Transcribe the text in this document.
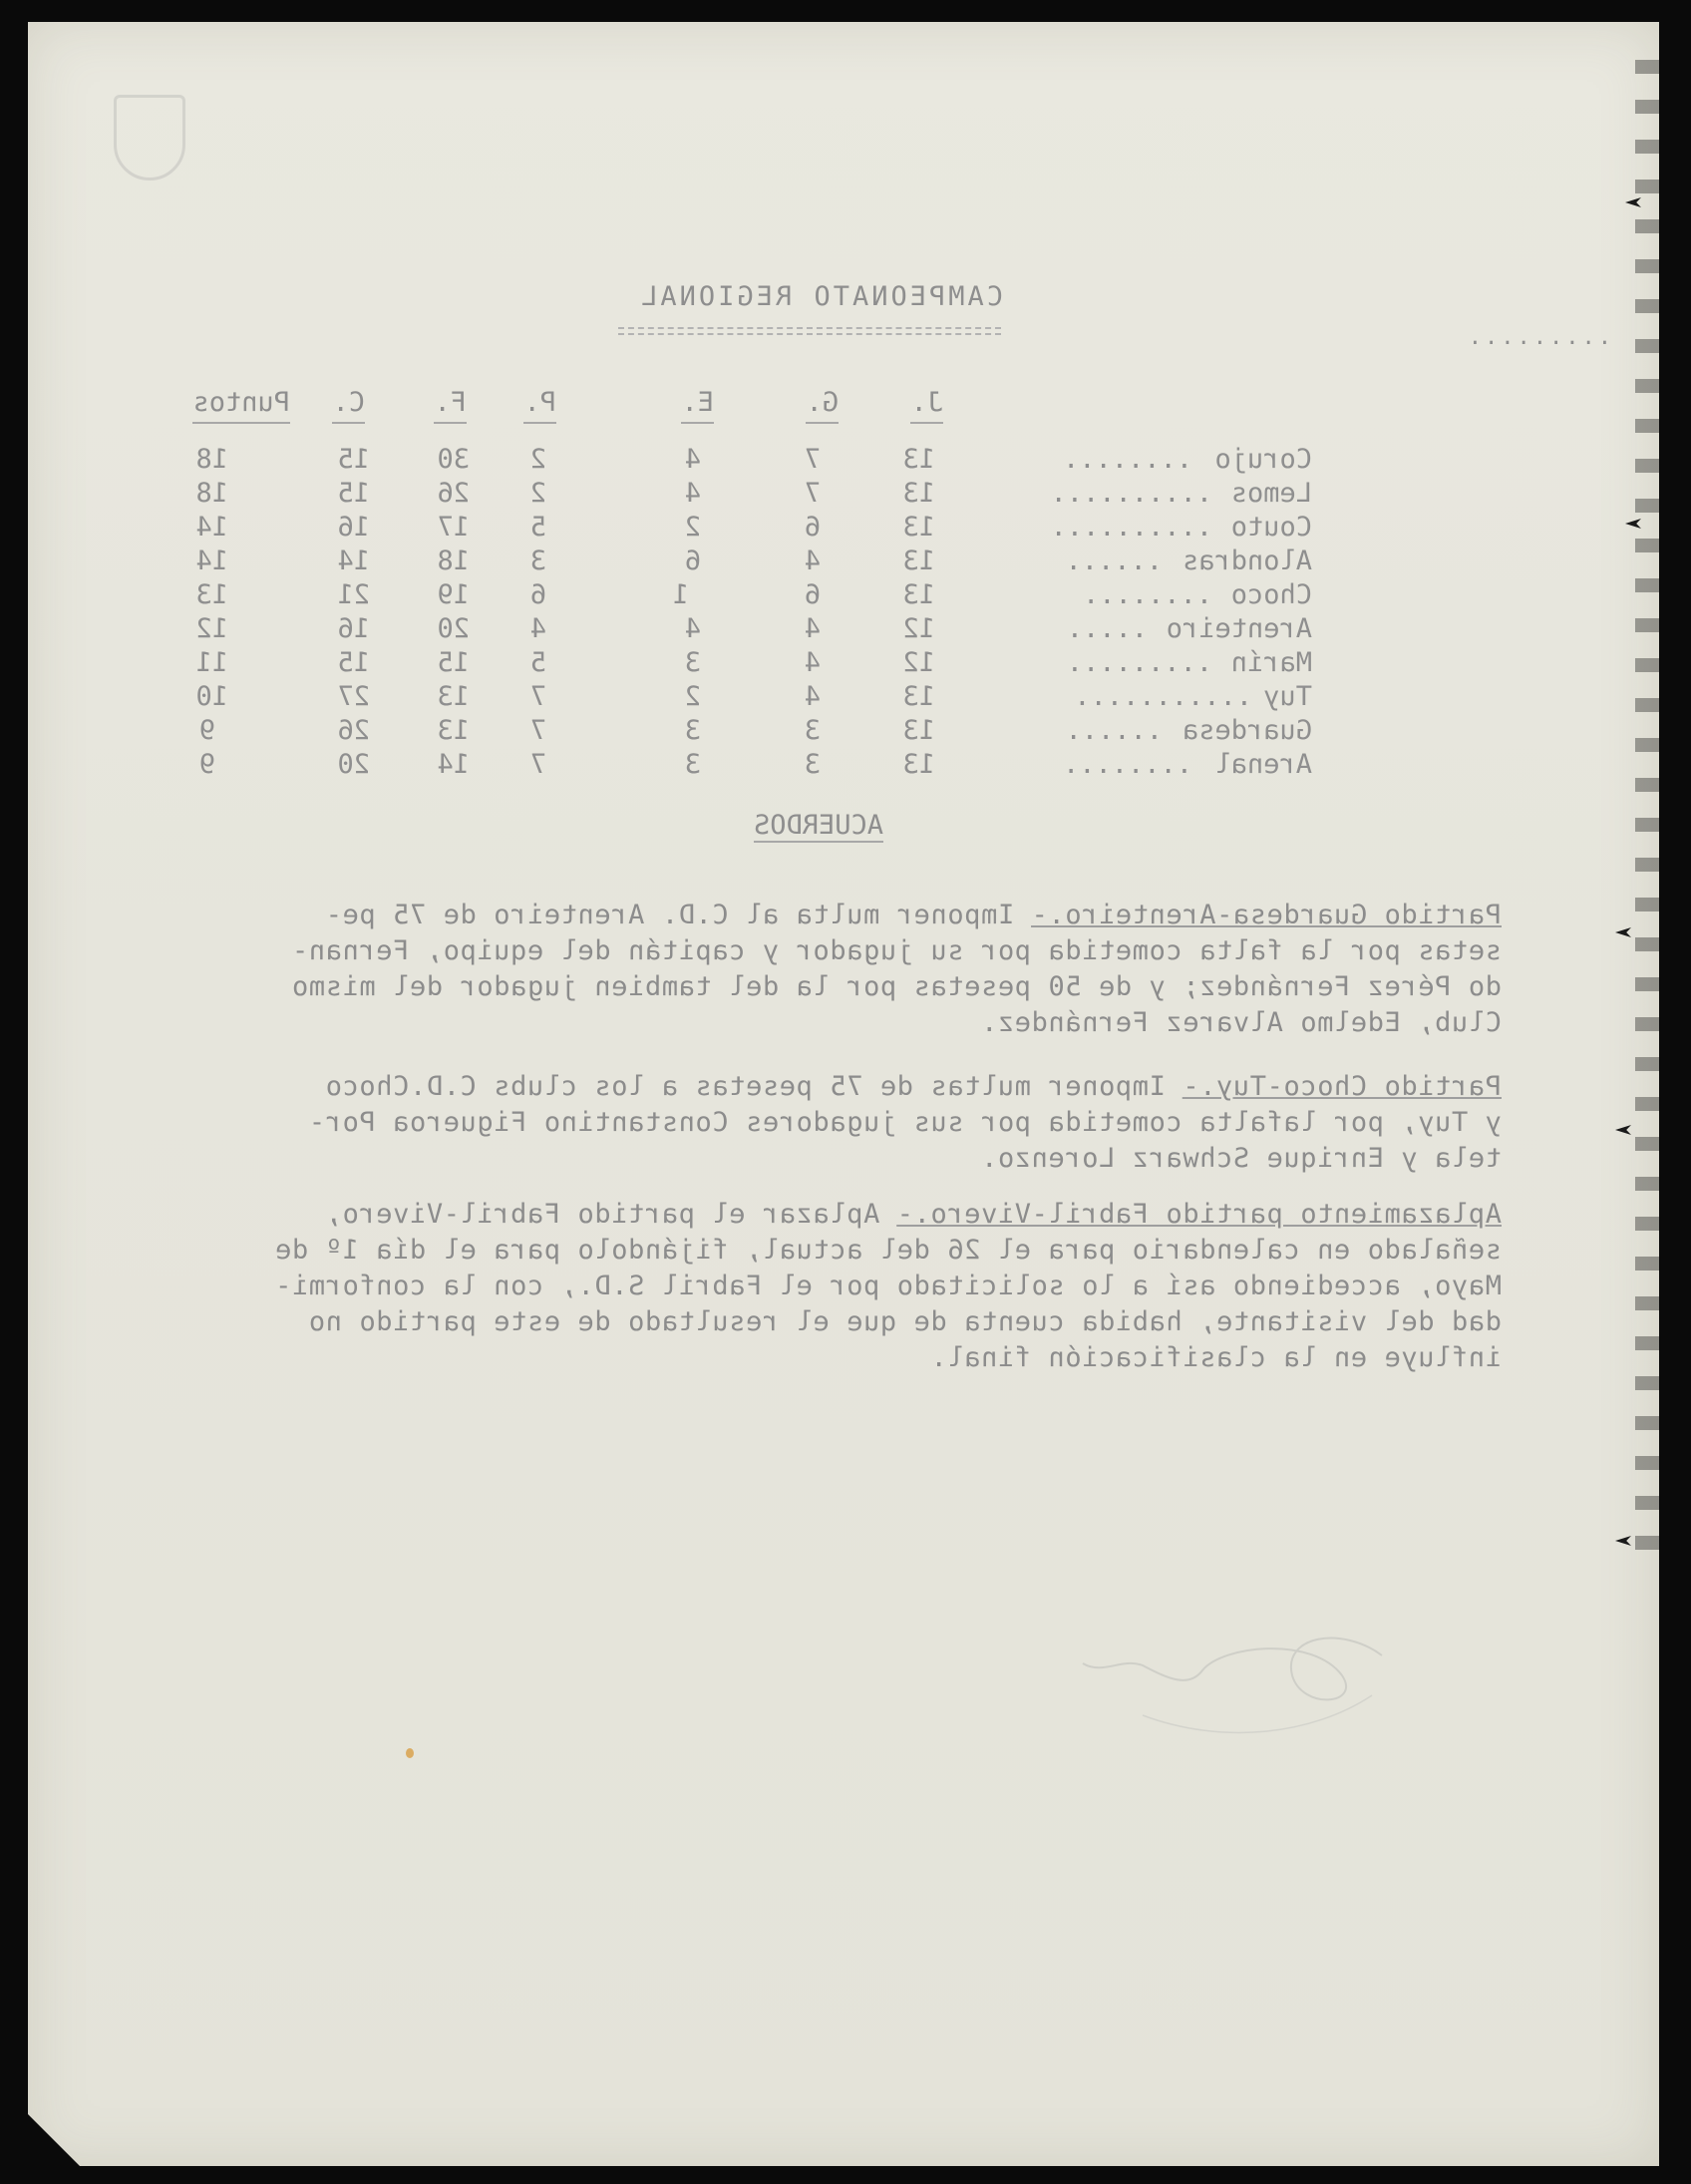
CAMPEONATO REGIONAL
.........
J.
G.
E.
P.
F.
C.
Puntos
Corujo
........
13
7
4
2
30
15
18
Lemos
..........
13
7
4
2
26
15
18
Couto
..........
13
6
2
5
17
16
14
Alondras
......
13
4
6
3
18
14
14
Choco
........
13
6
1
6
19
21
13
Arenteiro
.....
12
4
4
4
20
16
12
Marín
.........
12
4
3
5
15
15
11
Tuy
...........
13
4
2
7
13
27
10
Guardesa
......
13
3
3
7
13
26
9
Arenal
........
13
3
3
7
14
20
9
ACUERDOS
Partido Guardesa-Arenteiro.- Imponer multa al C.D. Arenteiro de 75 pe-
setas por la falta cometida por su jugador y capitán del equipo, Fernan-
do Pérez Fernández; y de 50 pesetas por la del tambien jugador del mismo
Club, Edelmo Alvarez Fernández.
Partido Choco-Tuy.- Imponer multas de 75 pesetas a los clubs C.D.Choco
y Tuy, por lafalta cometida por sus jugadores Constantino Figueroa Por-
tela y Enrique Schwarz Lorenzo.
Aplazamiento partido Fabril-Vivero.- Aplazar el partido Fabril-Vivero,
señalado en calendario para el 26 del actual, fijándolo para el día 1º de
Mayo, accediendo así a lo solicitado por el Fabril S.D., con la conformi-
dad del visitante, habida cuenta de que el resultado de este partido no
influye en la clasificación final.
